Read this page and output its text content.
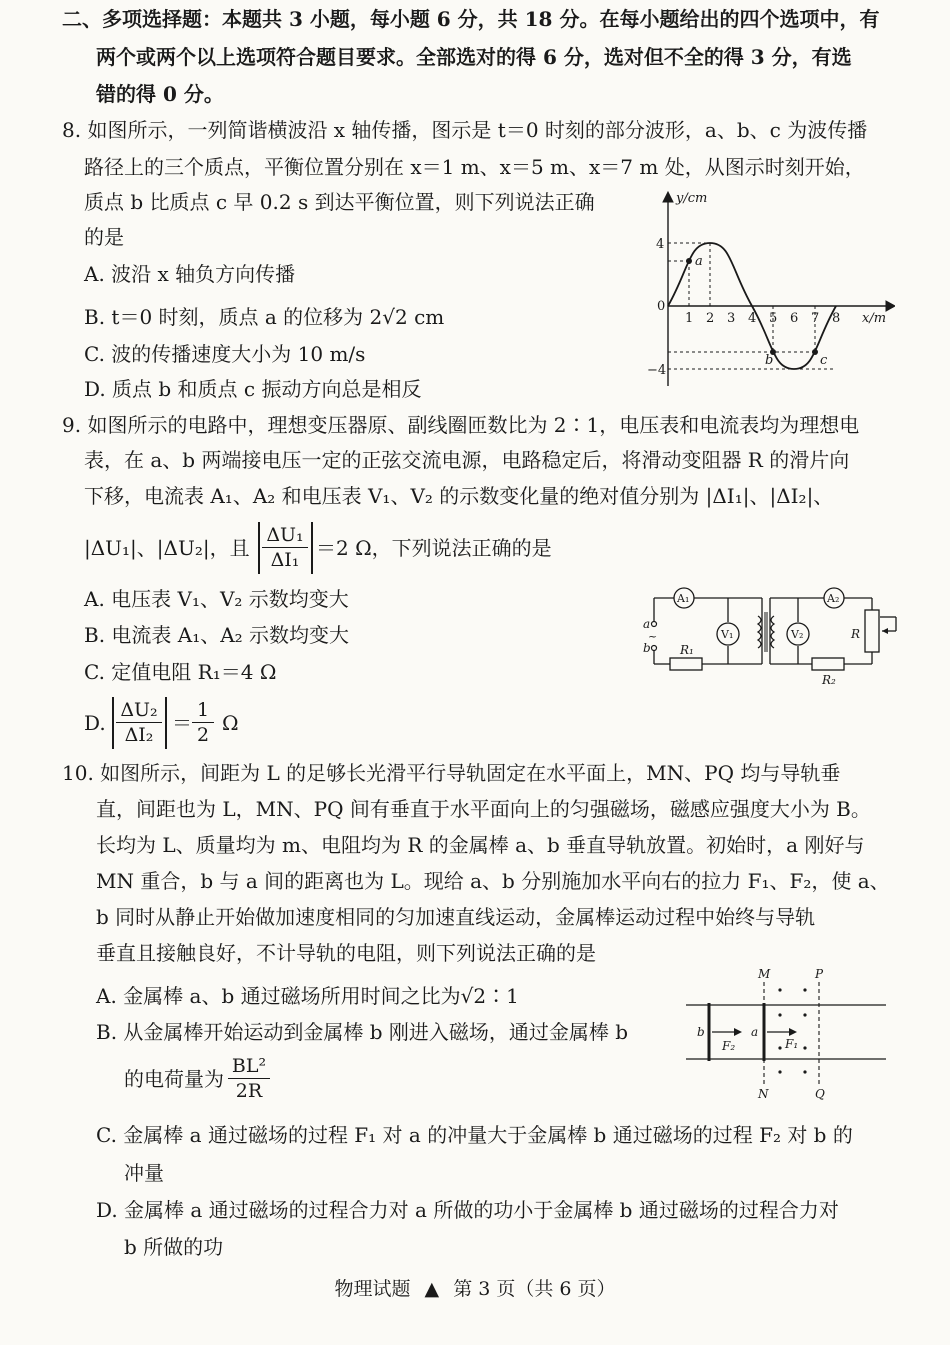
二、多项选择题：本题共 3 小题，每小题 6 分，共 18 分。在每小题给出的四个选项中，有
两个或两个以上选项符合题目要求。全部选对的得 6 分，选对但不全的得 3 分，有选
错的得 0 分。
8. 如图所示，一列简谐横波沿 x 轴传播，图示是 t＝0 时刻的部分波形，a、b、c 为波传播
路径上的三个质点，平衡位置分别在 x＝1 m、x＝5 m、x＝7 m 处，从图示时刻开始，
质点 b 比质点 c 早 0.2 s 到达平衡位置，则下列说法正确
的是
A. 波沿 x 轴负方向传播
B. t＝0 时刻，质点 a 的位移为 2√2 cm
C. 波的传播速度大小为 10 m/s
D. 质点 b 和质点 c 振动方向总是相反
y/cm
x/m
0
4
−4
1 2 3 4 5 6 7 8
a
b	c
9. 如图所示的电路中，理想变压器原、副线圈匝数比为 2∶1，电压表和电流表均为理想电
表，在 a、b 两端接电压一定的正弦交流电源，电路稳定后，将滑动变阻器 R 的滑片向
下移，电流表 A₁、A₂ 和电压表 V₁、V₂ 的示数变化量的绝对值分别为 |ΔI₁|、|ΔI₂|、
|ΔU₁|、|ΔU₂|，且 $\frac{\text{ΔU₁}}{\text{ΔI₁}} =2$ Ω，下列说法正确的是
A. 电压表 V₁、V₂ 示数均变大
B. 电流表 A₁、A₂ 示数均变大
C. 定值电阻 R₁＝4 Ω
D. $\frac{\text{ΔU₂}}{\text{ΔI₂}} = \frac{1}{2}$ Ω
~
A₁	A₂
V₁	V₂
a
b R₁
R₂
R
10. 如图所示，间距为 L 的足够长光滑平行导轨固定在水平面上，MN、PQ 均与导轨垂
直，间距也为 L，MN、PQ 间有垂直于水平面向上的匀强磁场，磁感应强度大小为 B。
长均为 L、质量均为 m、电阻均为 R 的金属棒 a、b 垂直导轨放置。初始时，a 刚好与
MN 重合，b 与 a 间的距离也为 L。现给 a、b 分别施加水平向右的拉力 F₁、F₂，使 a、
b 同时从静止开始做加速度相同的匀加速直线运动，金属棒运动过程中始终与导轨
垂直且接触良好，不计导轨的电阻，则下列说法正确的是
A. 金属棒 a、b 通过磁场所用时间之比为√2∶1
B. 从金属棒开始运动到金属棒 b 刚进入磁场，通过金属棒 b
的电荷量为 $\frac{\text{BL²}}{2R}$
C. 金属棒 a 通过磁场的过程 F₁ 对 a 的冲量大于金属棒 b 通过磁场的过程 F₂ 对 b 的
冲量
D. 金属棒 a 通过磁场的过程合力对 a 所做的功小于金属棒 b 通过磁场的过程合力对
b 所做的功
M	P
N	Q
b	a
F₂	F₁
物理试题 ▲ 第 3 页（共 6 页）
